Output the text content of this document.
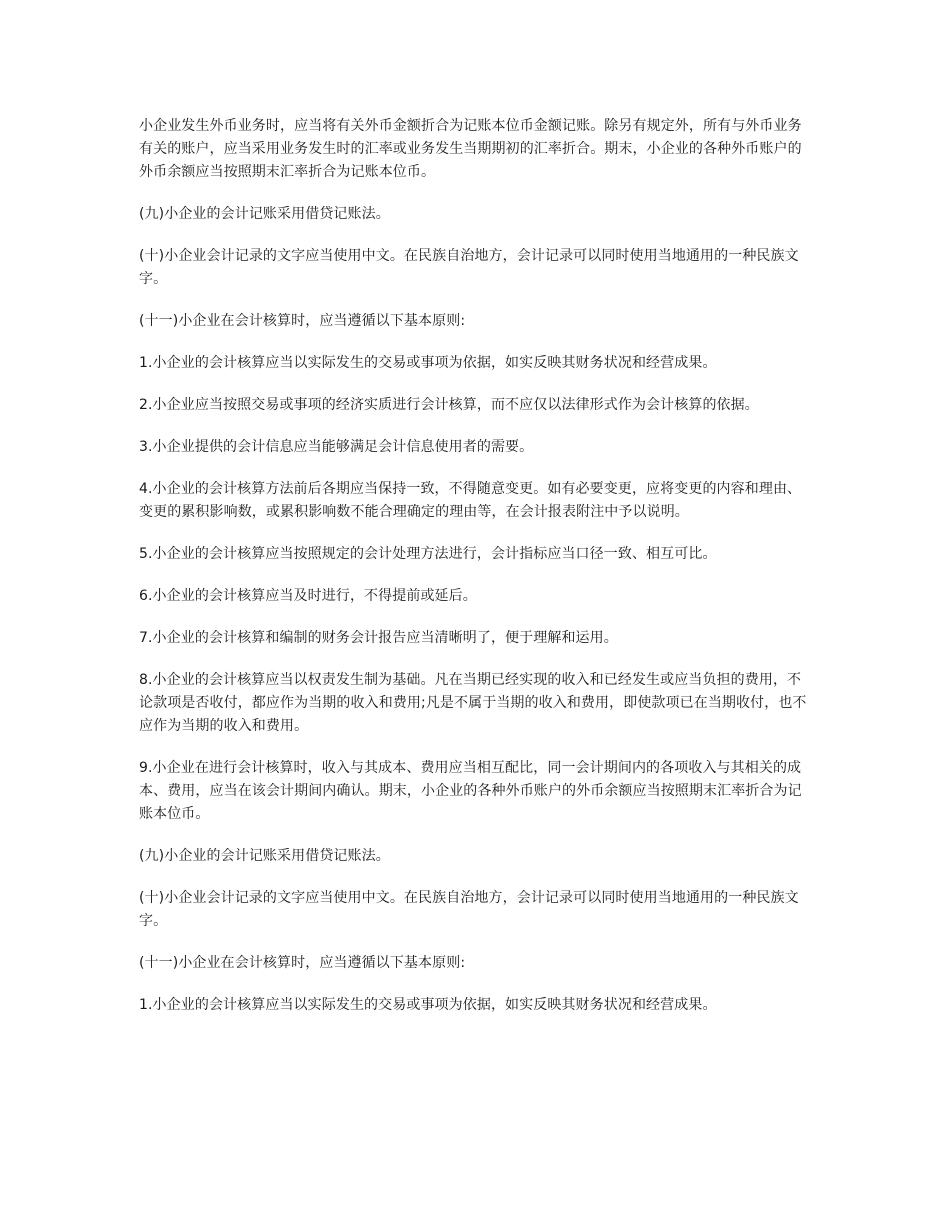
小企业发生外币业务时，应当将有关外币金额折合为记账本位币金额记账。除另有规定外，所有与外币业务有关的账户，应当采用业务发生时的汇率或业务发生当期期初的汇率折合。期末，小企业的各种外币账户的外币余额应当按照期末汇率折合为记账本位币。

(九)小企业的会计记账采用借贷记账法。

(十)小企业会计记录的文字应当使用中文。在民族自治地方，会计记录可以同时使用当地通用的一种民族文字。

(十一)小企业在会计核算时，应当遵循以下基本原则:

1.小企业的会计核算应当以实际发生的交易或事项为依据，如实反映其财务状况和经营成果。

2.小企业应当按照交易或事项的经济实质进行会计核算，而不应仅以法律形式作为会计核算的依据。

3.小企业提供的会计信息应当能够满足会计信息使用者的需要。

4.小企业的会计核算方法前后各期应当保持一致，不得随意变更。如有必要变更，应将变更的内容和理由、变更的累积影响数，或累积影响数不能合理确定的理由等，在会计报表附注中予以说明。

5.小企业的会计核算应当按照规定的会计处理方法进行，会计指标应当口径一致、相互可比。

6.小企业的会计核算应当及时进行，不得提前或延后。

7.小企业的会计核算和编制的财务会计报告应当清晰明了，便于理解和运用。

8.小企业的会计核算应当以权责发生制为基础。凡在当期已经实现的收入和已经发生或应当负担的费用，不论款项是否收付，都应作为当期的收入和费用;凡是不属于当期的收入和费用，即使款项已在当期收付，也不应作为当期的收入和费用。

9.小企业在进行会计核算时，收入与其成本、费用应当相互配比，同一会计期间内的各项收入与其相关的成本、费用，应当在该会计期间内确认。期末，小企业的各种外币账户的外币余额应当按照期末汇率折合为记账本位币。

(九)小企业的会计记账采用借贷记账法。

(十)小企业会计记录的文字应当使用中文。在民族自治地方，会计记录可以同时使用当地通用的一种民族文字。

(十一)小企业在会计核算时，应当遵循以下基本原则:

1.小企业的会计核算应当以实际发生的交易或事项为依据，如实反映其财务状况和经营成果。
